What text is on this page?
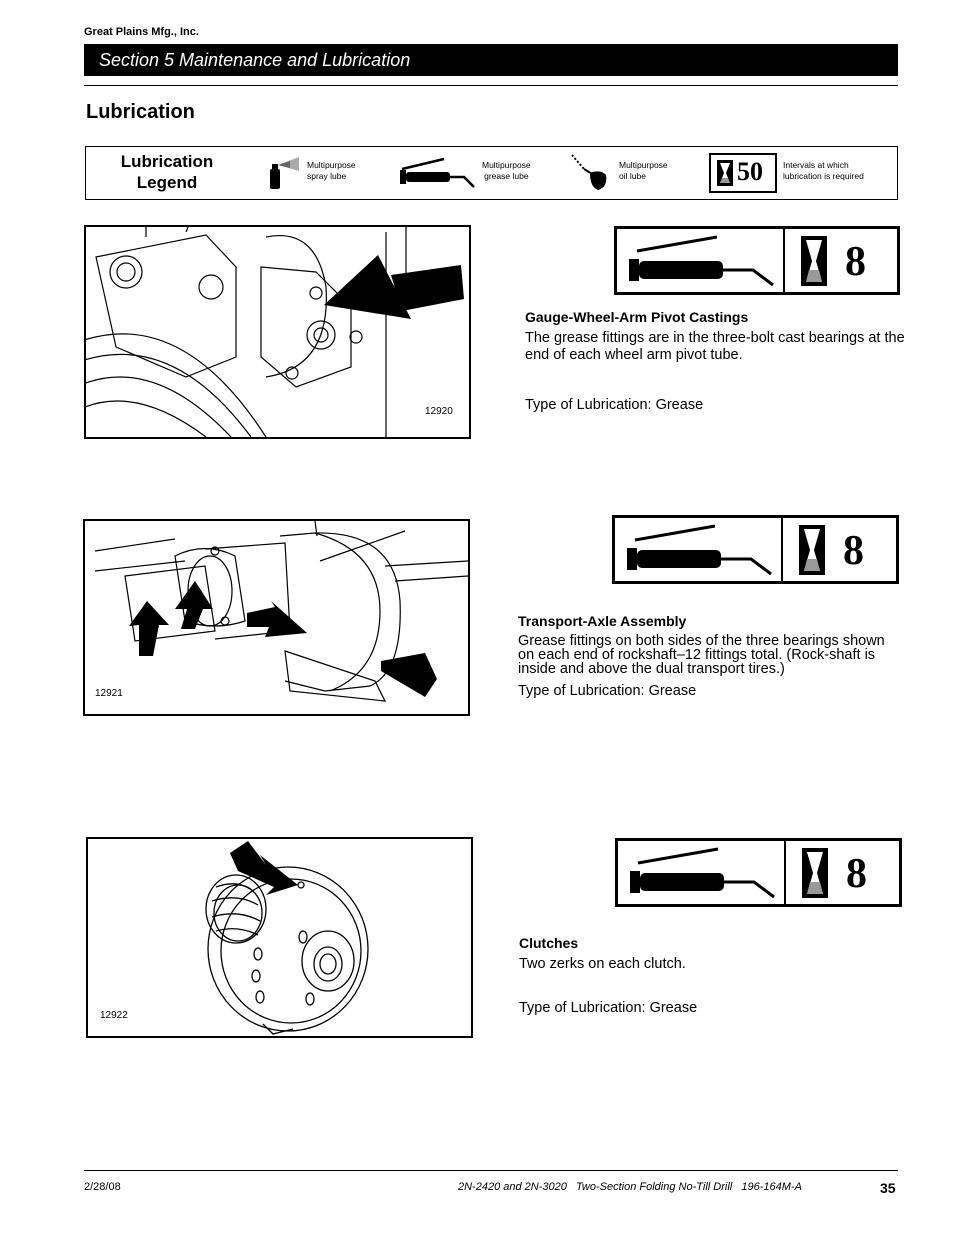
Great Plains Mfg., Inc.
Section 5 Maintenance and Lubrication
Lubrication
Lubrication
Legend
Multipurpose
spray lube
Multipurpose
grease lube
Multipurpose
oil lube	50 Intervals at which
lubrication is required
12920
8
Gauge-Wheel-Arm Pivot Castings
The grease fittings are in the three-bolt cast bearings at the end of each wheel arm pivot tube.
Type of Lubrication: Grease
12921
8
Transport-Axle Assembly
Grease fittings on both sides of the three bearings shown on each end of rockshaft–12 fittings total. (Rock-shaft is inside and above the dual transport tires.)
Type of Lubrication: Grease
12922
8
Clutches
Two zerks on each clutch.
Type of Lubrication: Grease
2/28/08	2N-2420 and 2N-3020   Two-Section Folding No-Till Drill   196-164M-A	35
